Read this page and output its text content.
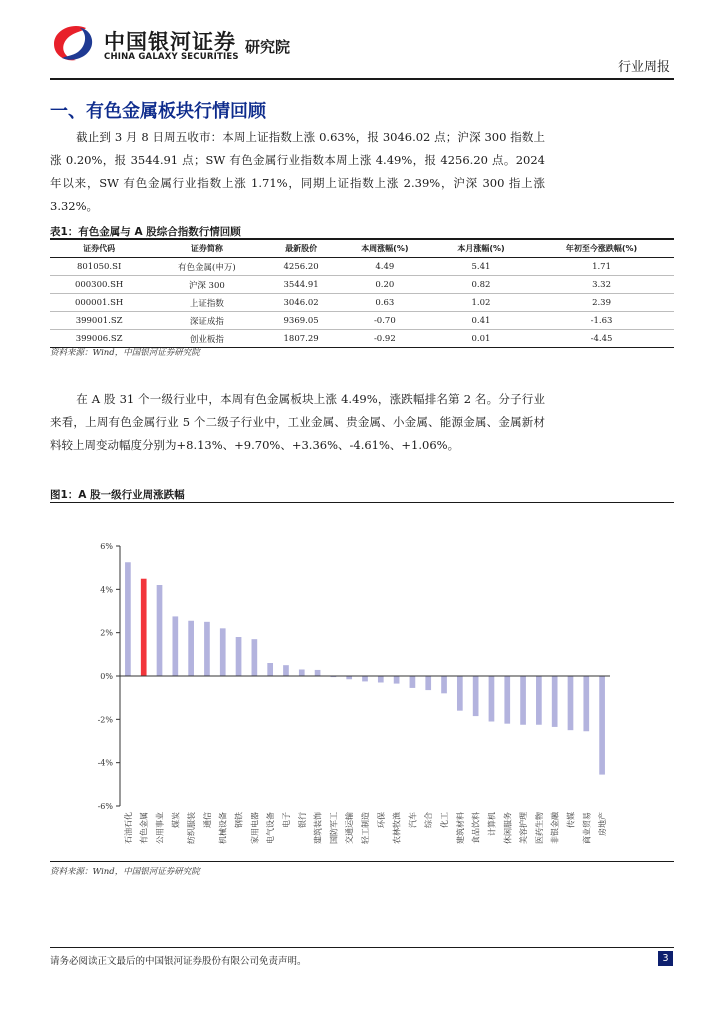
中国银河证券
CHINA GALAXY SECURITIES
研究院
行业周报
一、有色金属板块行情回顾
截止到 3 月 8 日周五收市：本周上证指数上涨 0.63%，报 3046.02 点；沪深 300 指数上涨 0.20%，报 3544.91 点；SW 有色金属行业指数本周上涨 4.49%，报 4256.20 点。2024 年以来，SW 有色金属行业指数上涨 1.71%，同期上证指数上涨 2.39%，沪深 300 指上涨 3.32%。
表1：有色金属与 A 股综合指数行情回顾
证券代码	证券简称	最新股价	本周涨幅(%)	本月涨幅(%)	年初至今涨跌幅(%)
801050.SI	有色金属(申万)	4256.20	4.49	5.41	1.71
000300.SH	沪深 300	3544.91	0.20	0.82	3.32
000001.SH	上证指数	3046.02	0.63	1.02	2.39
399001.SZ	深证成指	9369.05	-0.70	0.41	-1.63
399006.SZ	创业板指	1807.29	-0.92	0.01	-4.45
资料来源：Wind，中国银河证券研究院
在 A 股 31 个一级行业中，本周有色金属板块上涨 4.49%，涨跌幅排名第 2 名。分子行业来看，上周有色金属行业 5 个二级子行业中，工业金属、贵金属、小金属、能源金属、金属新材料较上周变动幅度分别为+8.13%、+9.70%、+3.36%、-4.61%、+1.06%。
图1：A 股一级行业周涨跌幅
-6%
-4%
-2%
0%
2%
4%
6%
石油石化 有色金属 公用事业 煤炭 纺织服装 通信 机械设备 钢铁 家用电器 电气设备 电子 银行 建筑装饰 国防军工 交通运输 轻工制造 环保 农林牧渔 汽车 综合 化工 建筑材料 食品饮料 计算机 休闲服务 美容护理 医药生物 非银金融 传媒 商业贸易 房地产
资料来源：Wind，中国银河证券研究院
请务必阅读正文最后的中国银河证券股份有限公司免责声明。	3
